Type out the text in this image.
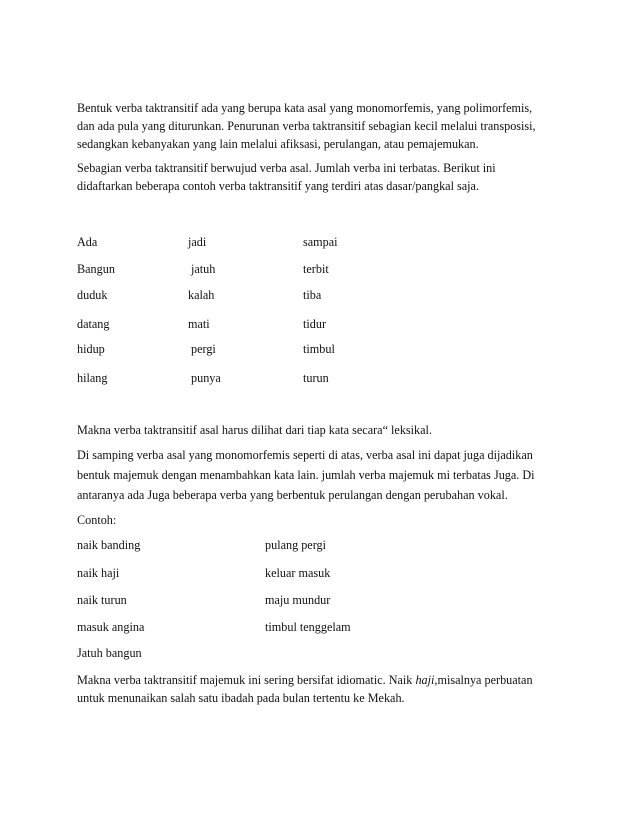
Bentuk verba taktransitif ada yang berupa kata asal yang monomorfemis, yang polimorfemis,
dan ada pula yang diturunkan. Penurunan verba taktransitif sebagian kecil melalui transposisi,
sedangkan kebanyakan yang lain melalui afiksasi, perulangan, atau pemajemukan.
Sebagian verba taktransitif berwujud verba asal. Jumlah verba ini terbatas. Berikut ini
didaftarkan beberapa contoh verba taktransitif yang terdiri atas dasar/pangkal saja.
Ada	jadi	sampai
Bangun	jatuh	terbit
duduk	kalah	tiba
datang	mati	tidur
hidup	pergi	timbul
hilang	punya	turun
Makna verba taktransitif asal harus dilihat dari tiap kata secara“ leksikal.
Di samping verba asal yang monomorfemis seperti di atas, verba asal ini dapat juga dijadikan
bentuk majemuk dengan menambahkan kata lain. jumlah verba majemuk mi terbatas Juga. Di
antaranya ada Juga beberapa verba yang berbentuk perulangan dengan perubahan vokal.
Contoh:
naik banding	pulang pergi
naik haji	keluar masuk
naik turun	maju mundur
masuk angina	timbul tenggelam
Jatuh bangun
Makna verba taktransitif majemuk ini sering bersifat idiomatic. Naik haji,misalnya perbuatan
untuk menunaikan salah satu ibadah pada bulan tertentu ke Mekah.
